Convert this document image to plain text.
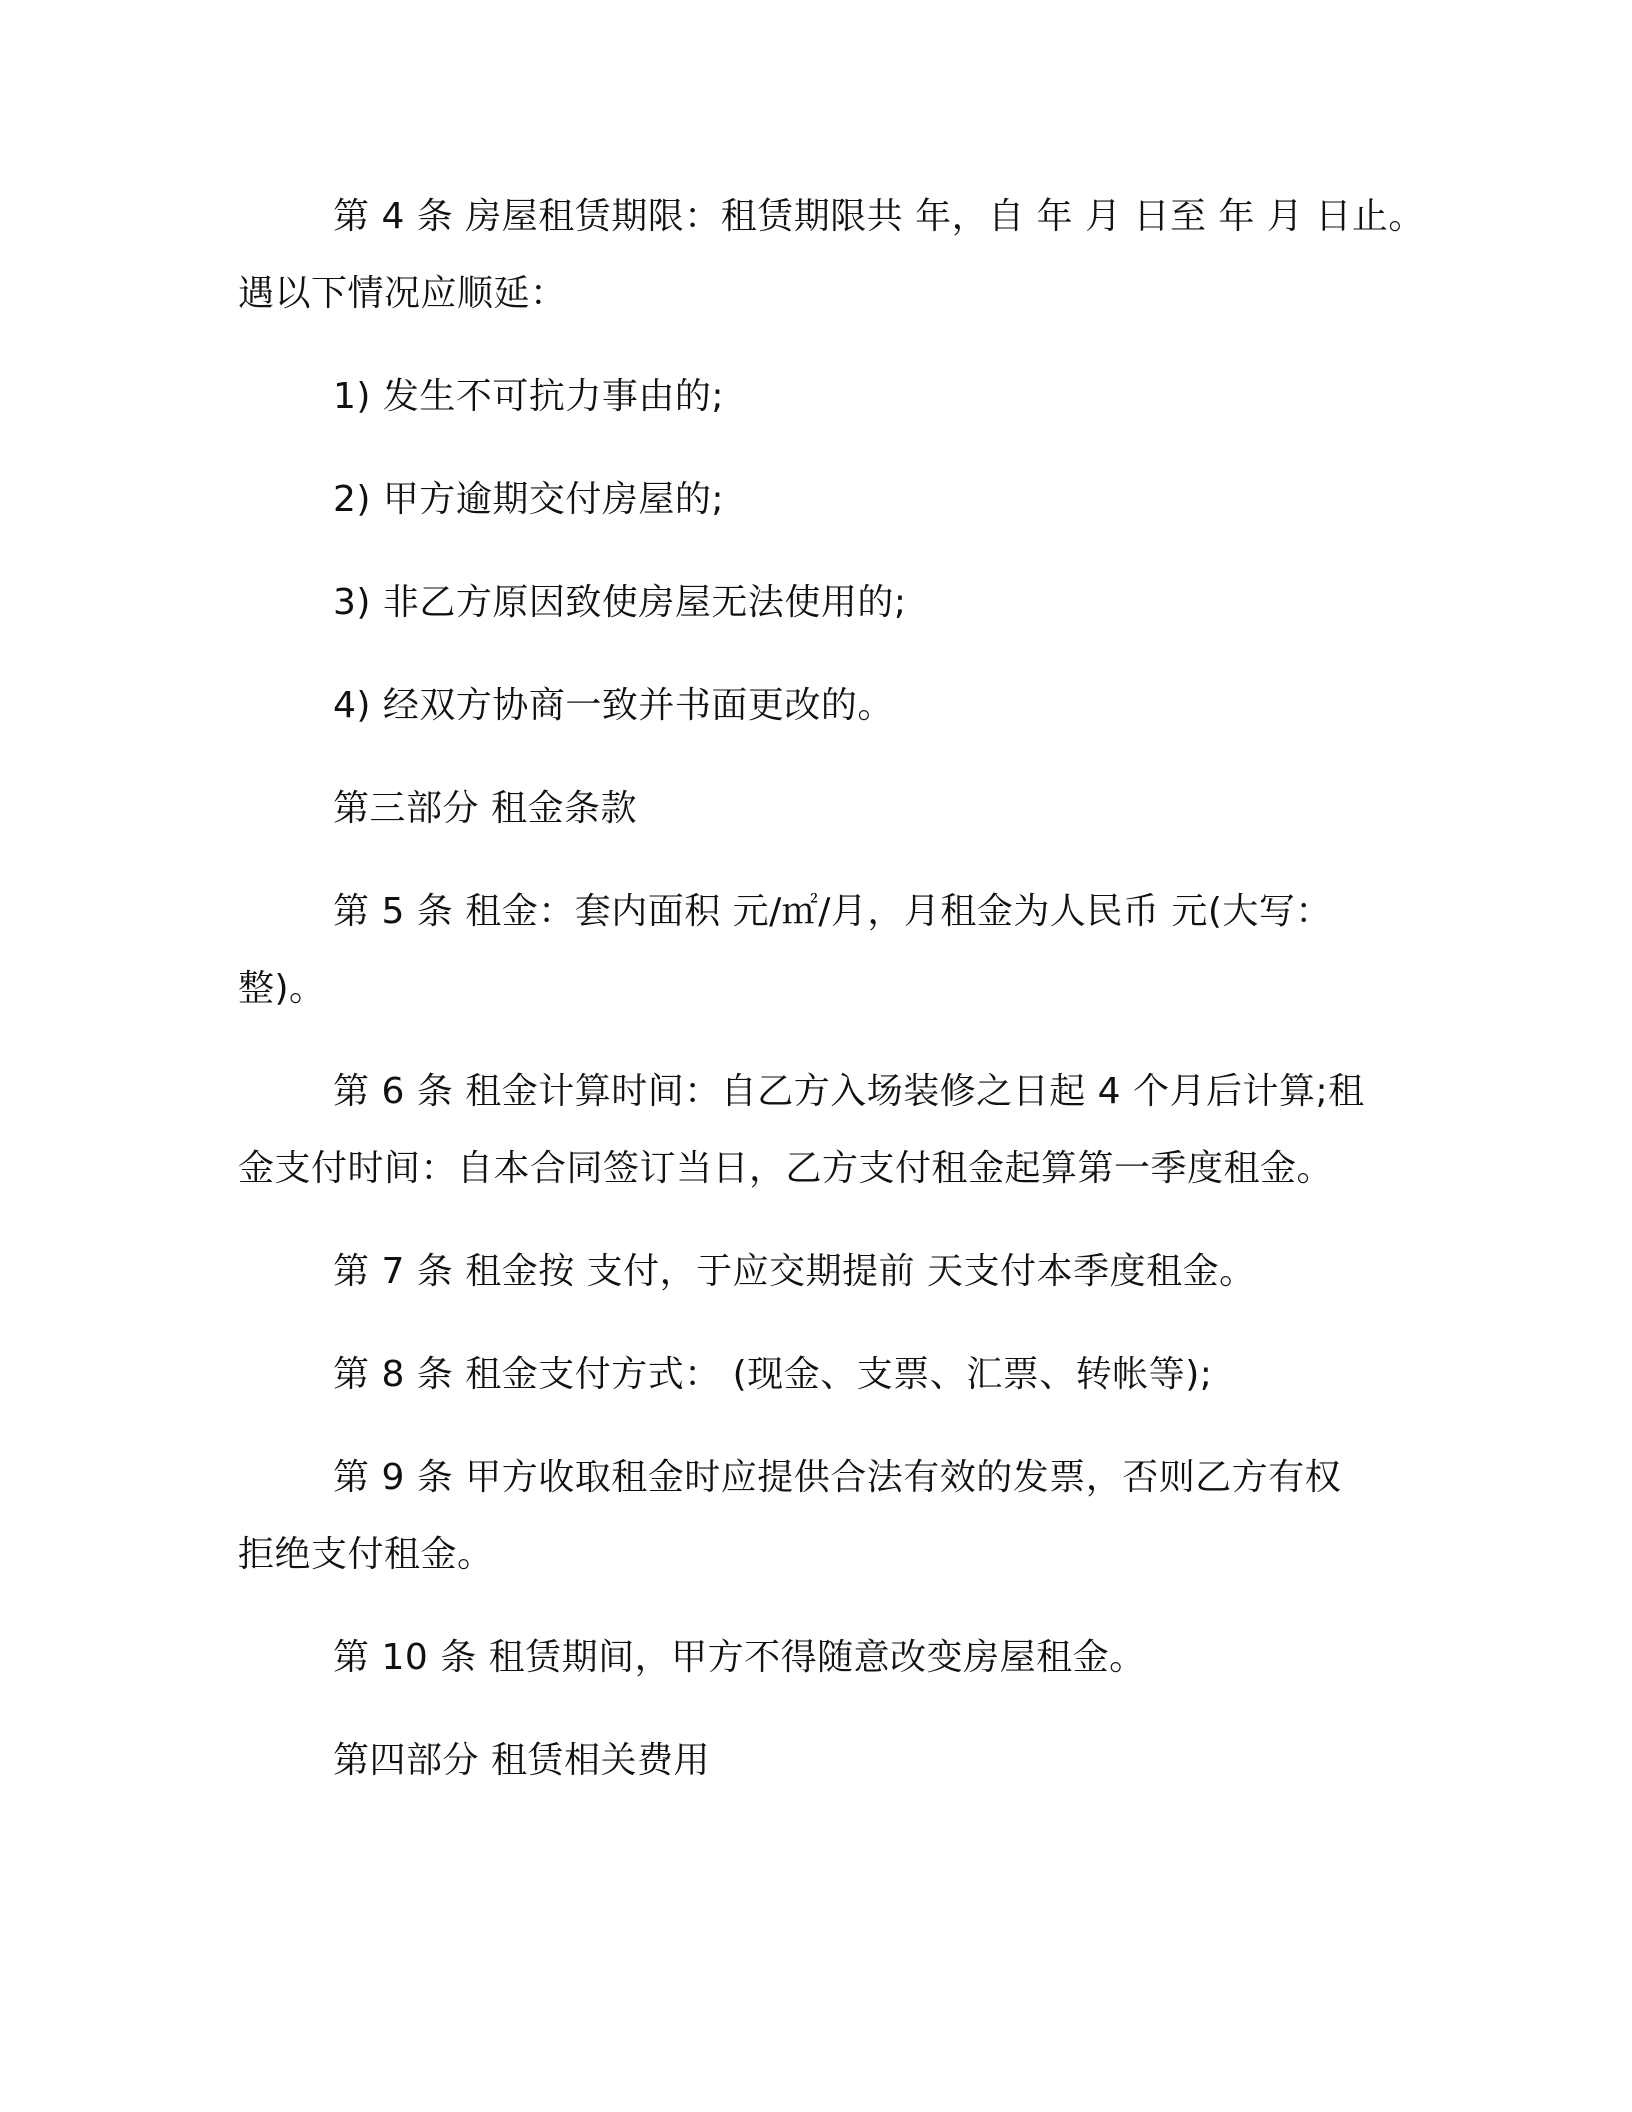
第 4 条 房屋租赁期限：租赁期限共 年，自 年 月 日至 年 月 日止。
遇以下情况应顺延：
1) 发生不可抗力事由的;
2) 甲方逾期交付房屋的;
3) 非乙方原因致使房屋无法使用的;
4) 经双方协商一致并书面更改的。
第三部分 租金条款
第 5 条 租金：套内面积 元/㎡/月，月租金为人民币 元(大写：
整)。
第 6 条 租金计算时间：自乙方入场装修之日起 4 个月后计算;租
金支付时间：自本合同签订当日，乙方支付租金起算第一季度租金。
第 7 条 租金按 支付，于应交期提前 天支付本季度租金。
第 8 条 租金支付方式： (现金、支票、汇票、转帐等);
第 9 条 甲方收取租金时应提供合法有效的发票，否则乙方有权
拒绝支付租金。
第 10 条 租赁期间，甲方不得随意改变房屋租金。
第四部分 租赁相关费用
